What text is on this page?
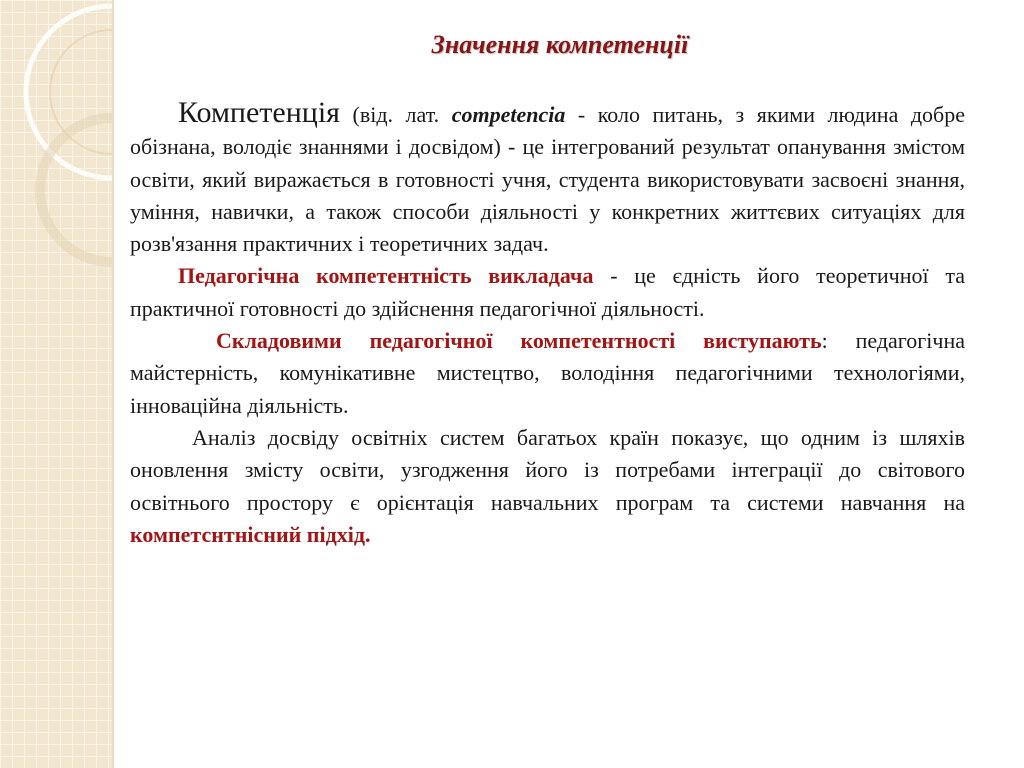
Значення компетенції

Компетенція (від. лат. competencia - коло питань, з якими людина добре обізнана, володіє знаннями і досвідом) - це інтегрований результат опанування змістом освіти, який виражається в готовності учня, студента використовувати засвоєні знання, уміння, навички, а також способи діяльності у конкретних життєвих ситуаціях для розв'язання практичних і теоретичних задач.

Педагогічна компетентність викладача - це єдність його теоретичної та практичної готовності до здійснення педагогічної діяльності.

Складовими педагогічної компетентності виступають: педагогічна майстерність, комунікативне мистецтво, володіння педагогічними технологіями, інноваційна діяльність.

Аналіз досвіду освітніх систем багатьох країн показує, що одним із шляхів оновлення змісту освіти, узгодження його із потребами інтеграції до світового освітнього простору є орієнтація навчальних програм та системи навчання на компетснтнісний підхід.
